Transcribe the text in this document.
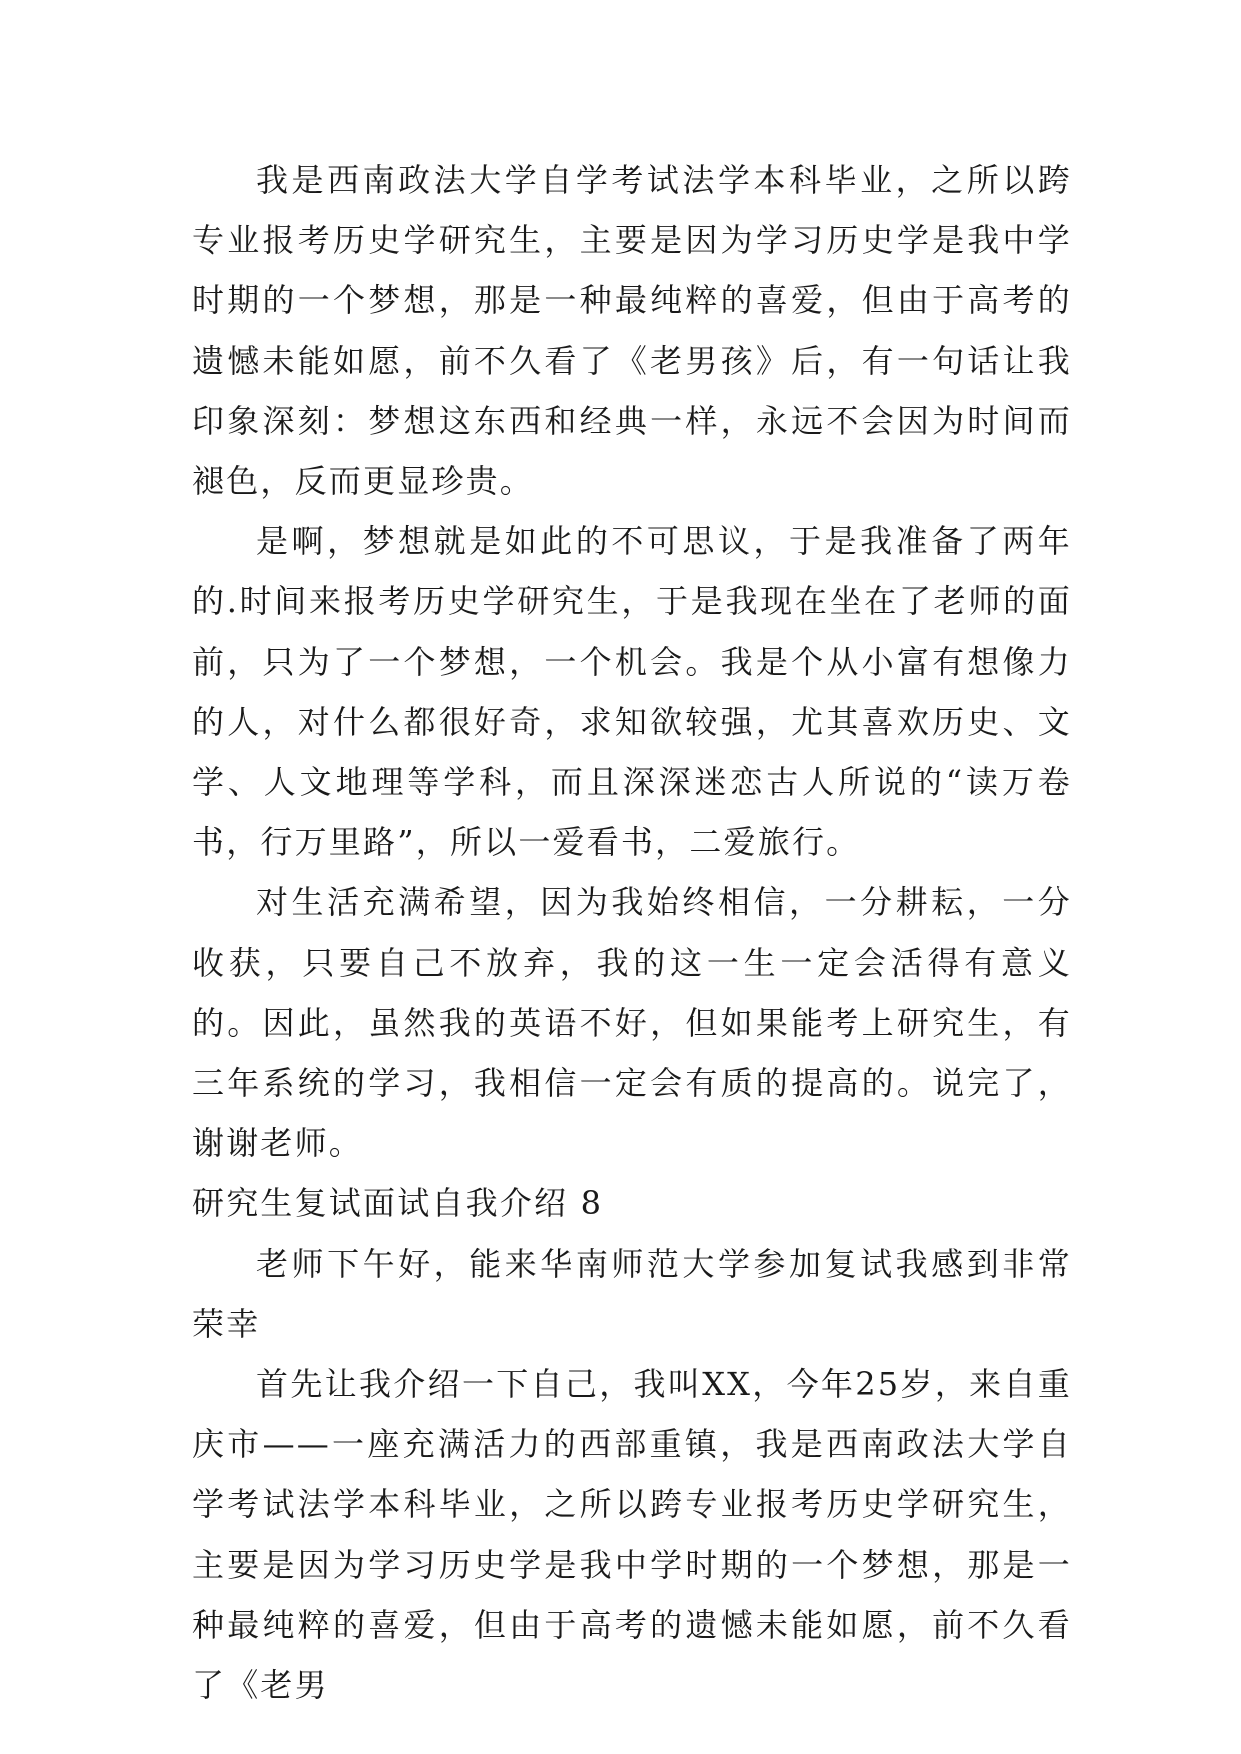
我是西南政法大学自学考试法学本科毕业，之所以跨专业报考历史学研究生，主要是因为学习历史学是我中学时期的一个梦想，那是一种最纯粹的喜爱，但由于高考的遗憾未能如愿，前不久看了《老男孩》后，有一句话让我印象深刻：梦想这东西和经典一样，永远不会因为时间而褪色，反而更显珍贵。

是啊，梦想就是如此的不可思议，于是我准备了两年的.时间来报考历史学研究生，于是我现在坐在了老师的面前，只为了一个梦想，一个机会。我是个从小富有想像力的人，对什么都很好奇，求知欲较强，尤其喜欢历史、文学、人文地理等学科，而且深深迷恋古人所说的“读万卷书，行万里路”，所以一爱看书，二爱旅行。

对生活充满希望，因为我始终相信，一分耕耘，一分收获，只要自己不放弃，我的这一生一定会活得有意义的。因此，虽然我的英语不好，但如果能考上研究生，有三年系统的学习，我相信一定会有质的提高的。说完了，谢谢老师。

研究生复试面试自我介绍 8

老师下午好，能来华南师范大学参加复试我感到非常荣幸

首先让我介绍一下自己，我叫XX，今年25岁，来自重庆市——一座充满活力的西部重镇，我是西南政法大学自学考试法学本科毕业，之所以跨专业报考历史学研究生，主要是因为学习历史学是我中学时期的一个梦想，那是一种最纯粹的喜爱，但由于高考的遗憾未能如愿，前不久看了《老男
